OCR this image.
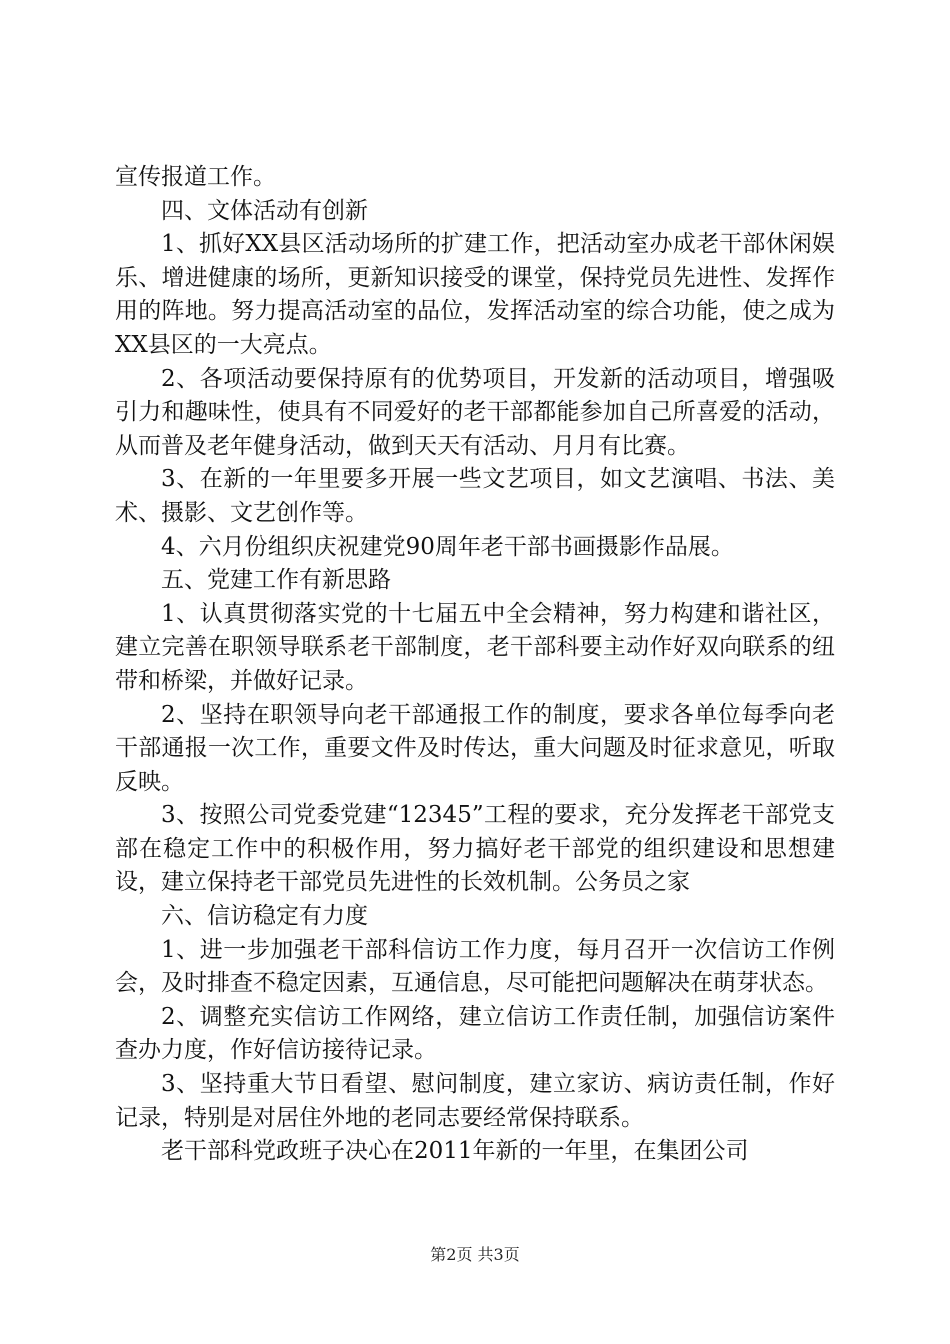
宣传报道工作。

四、文体活动有创新

1、抓好XX县区活动场所的扩建工作，把活动室办成老干部休闲娱乐、增进健康的场所，更新知识接受的课堂，保持党员先进性、发挥作用的阵地。努力提高活动室的品位，发挥活动室的综合功能，使之成为XX县区的一大亮点。

2、各项活动要保持原有的优势项目，开发新的活动项目，增强吸引力和趣味性，使具有不同爱好的老干部都能参加自己所喜爱的活动，从而普及老年健身活动，做到天天有活动、月月有比赛。

3、在新的一年里要多开展一些文艺项目，如文艺演唱、书法、美术、摄影、文艺创作等。

4、六月份组织庆祝建党90周年老干部书画摄影作品展。

五、党建工作有新思路

1、认真贯彻落实党的十七届五中全会精神，努力构建和谐社区，建立完善在职领导联系老干部制度，老干部科要主动作好双向联系的纽带和桥梁，并做好记录。

2、坚持在职领导向老干部通报工作的制度，要求各单位每季向老干部通报一次工作，重要文件及时传达，重大问题及时征求意见，听取反映。

3、按照公司党委党建“12345”工程的要求，充分发挥老干部党支部在稳定工作中的积极作用，努力搞好老干部党的组织建设和思想建设，建立保持老干部党员先进性的长效机制。公务员之家

六、信访稳定有力度

1、进一步加强老干部科信访工作力度，每月召开一次信访工作例会，及时排查不稳定因素，互通信息，尽可能把问题解决在萌芽状态。

2、调整充实信访工作网络，建立信访工作责任制，加强信访案件查办力度，作好信访接待记录。

3、坚持重大节日看望、慰问制度，建立家访、病访责任制，作好记录，特别是对居住外地的老同志要经常保持联系。

老干部科党政班子决心在2011年新的一年里，在集团公司

第2页 共3页
